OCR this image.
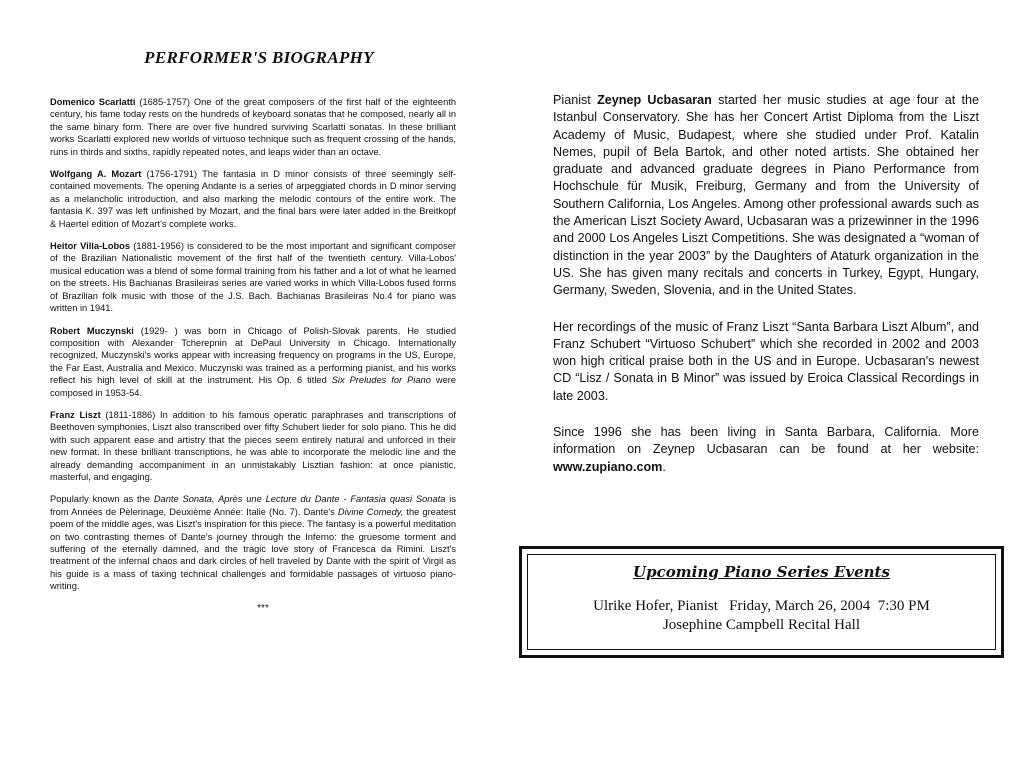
PERFORMER'S BIOGRAPHY

Domenico Scarlatti (1685-1757) One of the great composers of the first half of the eighteenth century, his fame today rests on the hundreds of keyboard sonatas that he composed, nearly all in the same binary form. There are over five hundred surviving Scarlatti sonatas. In these brilliant works Scarlatti explored new worlds of virtuoso technique such as frequent crossing of the hands, runs in thirds and sixths, rapidly repeated notes, and leaps wider than an octave.

Wolfgang A. Mozart (1756-1791) The fantasia in D minor consists of three seemingly self-contained movements. The opening Andante is a series of arpeggiated chords in D minor serving as a melancholic introduction, and also marking the melodic contours of the entire work. The fantasia K. 397 was left unfinished by Mozart, and the final bars were later added in the Breitkopf & Haertel edition of Mozart's complete works.

Heitor Villa-Lobos (1881-1956) is considered to be the most important and significant composer of the Brazilian Nationalistic movement of the first half of the twentieth century. Villa-Lobos' musical education was a blend of some formal training from his father and a lot of what he learned on the streets. His Bachianas Brasileiras series are varied works in which Villa-Lobos fused forms of Brazilian folk music with those of the J.S. Bach. Bachianas Brasileiras No.4 for piano was written in 1941.

Robert Muczynski (1929- ) was born in Chicago of Polish-Slovak parents. He studied composition with Alexander Tcherepnin at DePaul University in Chicago. Internationally recognized, Muczynski's works appear with increasing frequency on programs in the US, Europe, the Far East, Australia and Mexico. Muczynski was trained as a performing pianist, and his works reflect his high level of skill at the instrument. His Op. 6 titled Six Preludes for Piano were composed in 1953-54.

Franz Liszt (1811-1886) In addition to his famous operatic paraphrases and transcriptions of Beethoven symphonies, Liszt also transcribed over fifty Schubert lieder for solo piano. This he did with such apparent ease and artistry that the pieces seem entirely natural and unforced in their new format. In these brilliant transcriptions, he was able to incorporate the melodic line and the already demanding accompaniment in an unmistakably Lisztian fashion: at once pianistic, masterful, and engaging.

Popularly known as the Dante Sonata, Après une Lecture du Dante - Fantasia quasi Sonata is from Années de Pèlerinage, Deuxième Année: Italie (No. 7). Dante's Divine Comedy, the greatest poem of the middle ages, was Liszt's inspiration for this piece. The fantasy is a powerful meditation on two contrasting themes of Dante's journey through the Inferno: the gruesome torment and suffering of the eternally damned, and the tragic love story of Francesca da Rimini. Liszt's treatment of the infernal chaos and dark circles of hell traveled by Dante with the spirit of Virgil as his guide is a mass of taxing technical challenges and formidable passages of virtuoso piano-writing.

***

Pianist Zeynep Ucbasaran started her music studies at age four at the Istanbul Conservatory. She has her Concert Artist Diploma from the Liszt Academy of Music, Budapest, where she studied under Prof. Katalin Nemes, pupil of Bela Bartok, and other noted artists. She obtained her graduate and advanced graduate degrees in Piano Performance from Hochschule für Musik, Freiburg, Germany and from the University of Southern California, Los Angeles. Among other professional awards such as the American Liszt Society Award, Ucbasaran was a prizewinner in the 1996 and 2000 Los Angeles Liszt Competitions. She was designated a “woman of distinction in the year 2003” by the Daughters of Ataturk organization in the US. She has given many recitals and concerts in Turkey, Egypt, Hungary, Germany, Sweden, Slovenia, and in the United States.

Her recordings of the music of Franz Liszt “Santa Barbara Liszt Album”, and Franz Schubert “Virtuoso Schubert” which she recorded in 2002 and 2003 won high critical praise both in the US and in Europe. Ucbasaran's newest CD “Lisz / Sonata in B Minor” was issued by Eroica Classical Recordings in late 2003.

Since 1996 she has been living in Santa Barbara, California. More information on Zeynep Ucbasaran can be found at her website: www.zupiano.com.

Upcoming Piano Series Events

Ulrike Hofer, Pianist   Friday, March 26, 2004  7:30 PM

Josephine Campbell Recital Hall
